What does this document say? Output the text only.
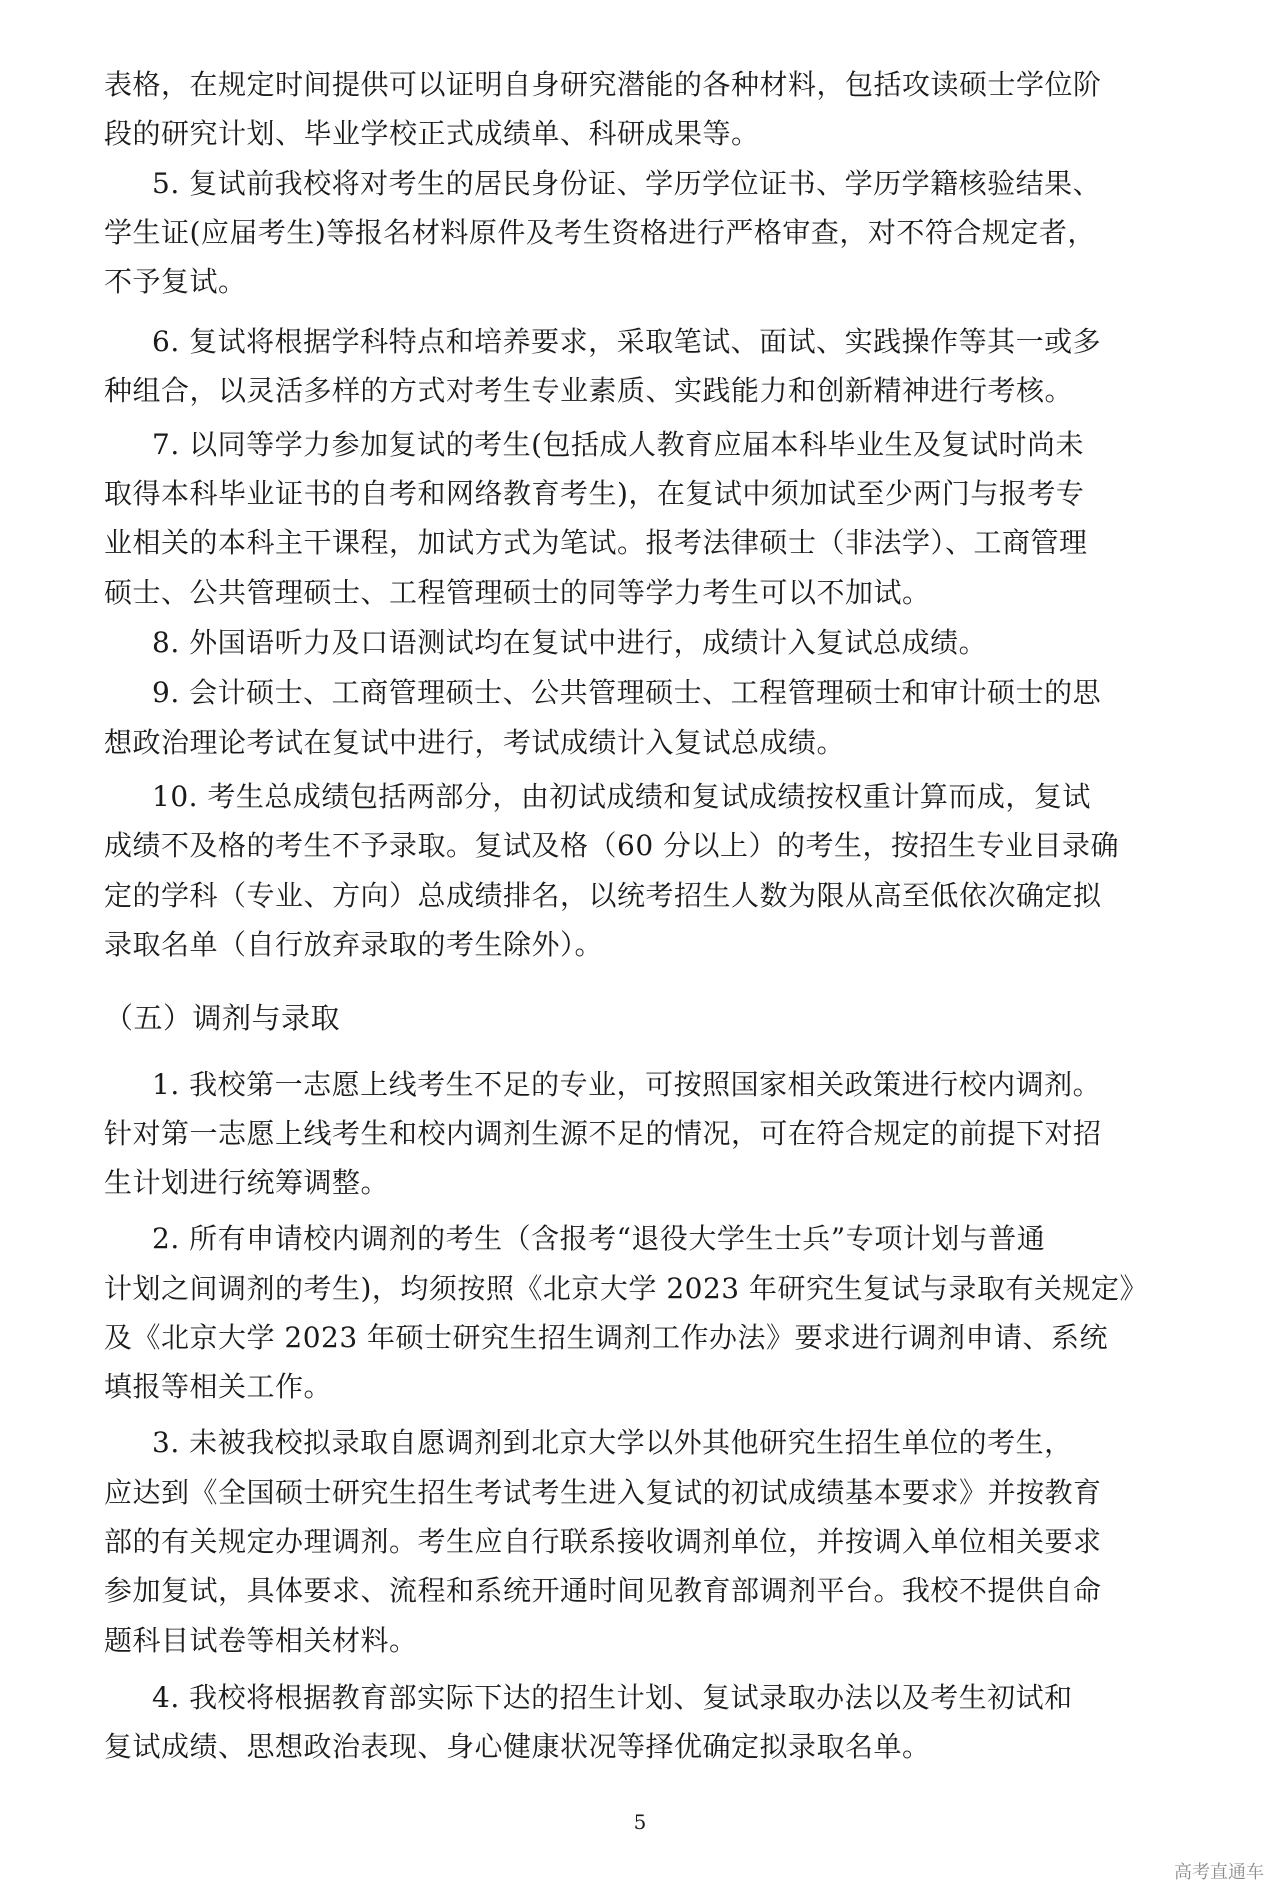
表格，在规定时间提供可以证明自身研究潜能的各种材料，包括攻读硕士学位阶
段的研究计划、毕业学校正式成绩单、科研成果等。
5. 复试前我校将对考生的居民身份证、学历学位证书、学历学籍核验结果、
学生证(应届考生)等报名材料原件及考生资格进行严格审查，对不符合规定者，
不予复试。
6. 复试将根据学科特点和培养要求，采取笔试、面试、实践操作等其一或多
种组合，以灵活多样的方式对考生专业素质、实践能力和创新精神进行考核。
7. 以同等学力参加复试的考生(包括成人教育应届本科毕业生及复试时尚未
取得本科毕业证书的自考和网络教育考生)，在复试中须加试至少两门与报考专
业相关的本科主干课程，加试方式为笔试。报考法律硕士（非法学）、工商管理
硕士、公共管理硕士、工程管理硕士的同等学力考生可以不加试。
8. 外国语听力及口语测试均在复试中进行，成绩计入复试总成绩。
9. 会计硕士、工商管理硕士、公共管理硕士、工程管理硕士和审计硕士的思
想政治理论考试在复试中进行，考试成绩计入复试总成绩。
10. 考生总成绩包括两部分，由初试成绩和复试成绩按权重计算而成，复试
成绩不及格的考生不予录取。复试及格（60 分以上）的考生，按招生专业目录确
定的学科（专业、方向）总成绩排名，以统考招生人数为限从高至低依次确定拟
录取名单（自行放弃录取的考生除外）。
（五）调剂与录取
1. 我校第一志愿上线考生不足的专业，可按照国家相关政策进行校内调剂。
针对第一志愿上线考生和校内调剂生源不足的情况，可在符合规定的前提下对招
生计划进行统筹调整。
2. 所有申请校内调剂的考生（含报考“退役大学生士兵”专项计划与普通
计划之间调剂的考生)，均须按照《北京大学 2023 年研究生复试与录取有关规定》
及《北京大学 2023 年硕士研究生招生调剂工作办法》要求进行调剂申请、系统
填报等相关工作。
3. 未被我校拟录取自愿调剂到北京大学以外其他研究生招生单位的考生，
应达到《全国硕士研究生招生考试考生进入复试的初试成绩基本要求》并按教育
部的有关规定办理调剂。考生应自行联系接收调剂单位，并按调入单位相关要求
参加复试，具体要求、流程和系统开通时间见教育部调剂平台。我校不提供自命
题科目试卷等相关材料。
4. 我校将根据教育部实际下达的招生计划、复试录取办法以及考生初试和
复试成绩、思想政治表现、身心健康状况等择优确定拟录取名单。
5
高考直通车
